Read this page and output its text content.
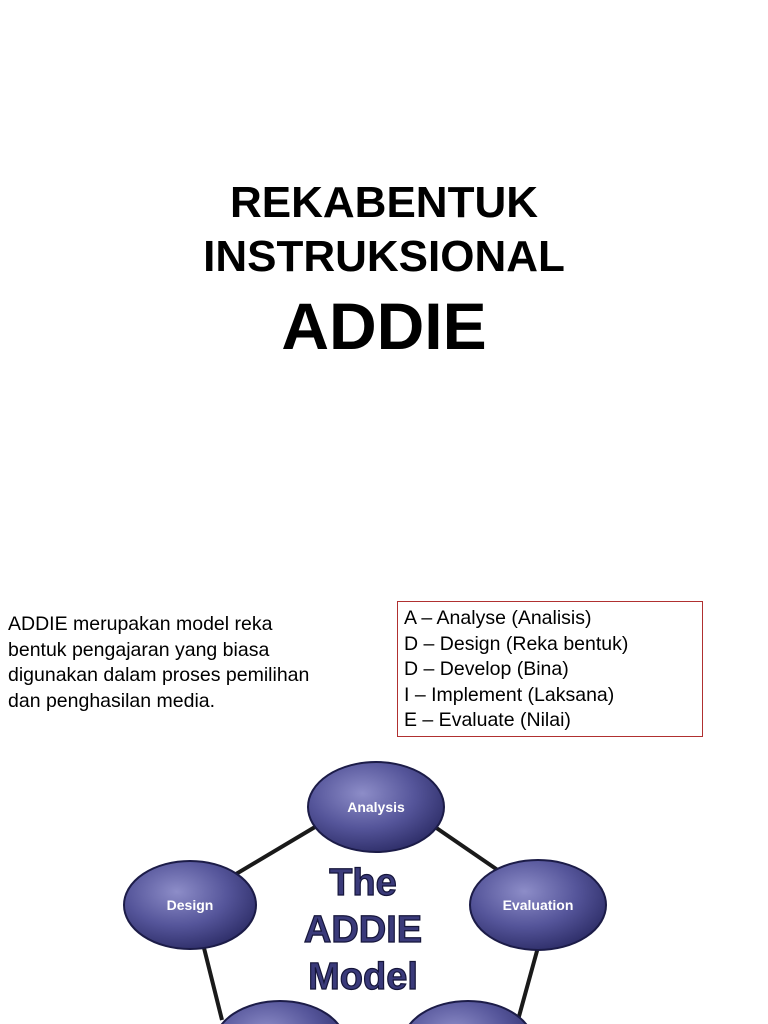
REKABENTUK
INSTRUKSIONAL
ADDIE
ADDIE merupakan model reka
bentuk pengajaran yang biasa
digunakan dalam proses pemilihan
dan penghasilan media.
A – Analyse (Analisis)
D – Design (Reka bentuk)
D – Develop (Bina)
I – Implement (Laksana)
E – Evaluate (Nilai)
Analysis
Design	Evaluation
The
ADDIE
Model
